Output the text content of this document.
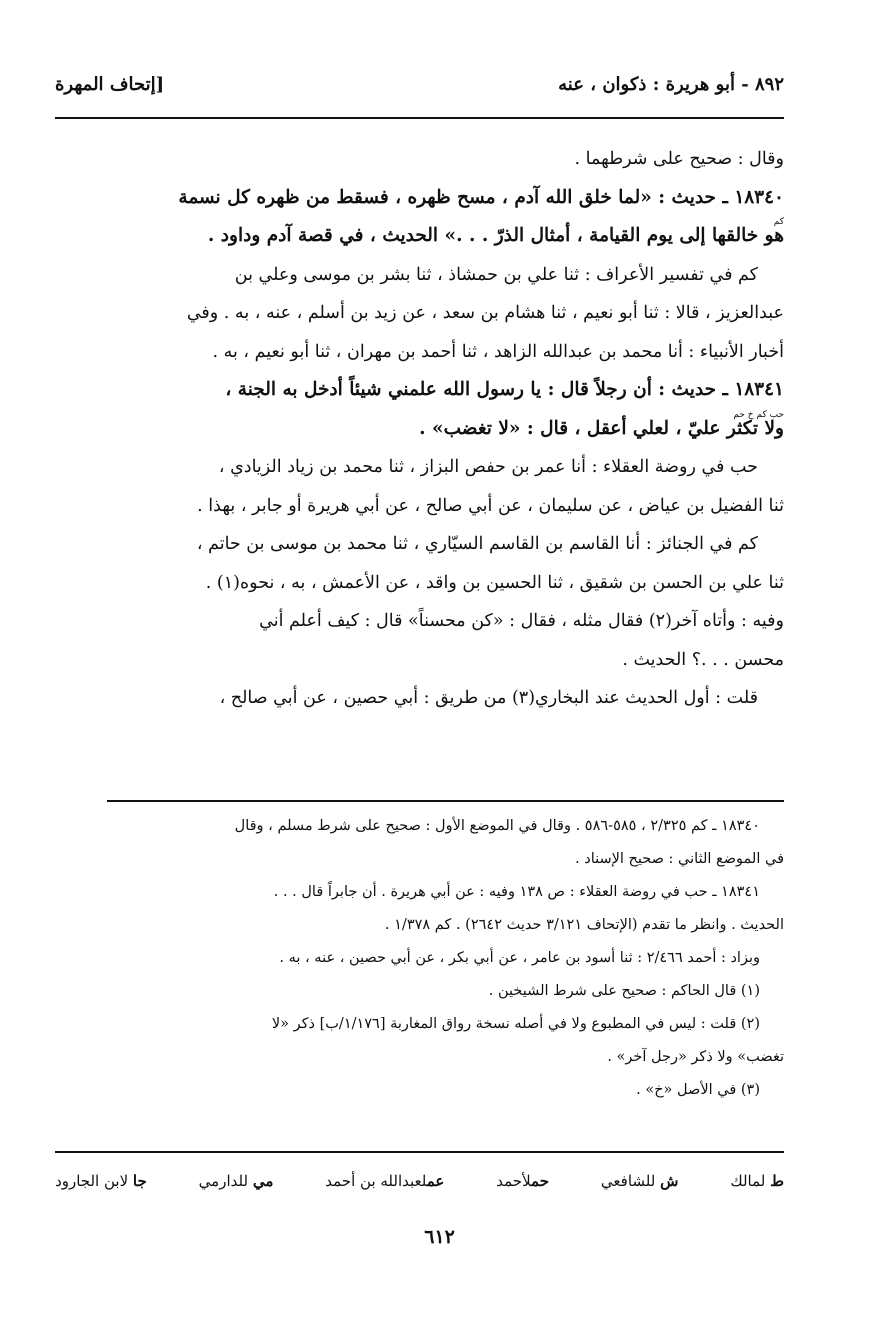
٨٩٢ - أبو هريرة : ذكوان ، عنه
[إتحاف المهرة
وقال : صحيح على شرطهما .
١٨٣٤٠ ـ حديث : «لما خلق الله آدم ، مسح ظهره ، فسقط من ظهره كل نسمة
كم
هو خالقها إلى يوم القيامة ، أمثال الذرّ . . .» الحديث ، في قصة آدم وداود .
كم في تفسير الأعراف : ثنا علي بن حمشاذ ، ثنا بشر بن موسى وعلي بن
عبدالعزيز ، قالا : ثنا أبو نعيم ، ثنا هشام بن سعد ، عن زيد بن أسلم ، عنه ، به . وفي
أخبار الأنبياء : أنا محمد بن عبدالله الزاهد ، ثنا أحمد بن مهران ، ثنا أبو نعيم ، به .
١٨٣٤١ ـ حديث : أن رجلاً قال : يا رسول الله علمني شيئاً أدخل به الجنة ،
حب كم خ حم
ولا تكثر عليّ ، لعلي أعقل ، قال : «لا تغضب» .
حب في روضة العقلاء : أنا عمر بن حفص البزاز ، ثنا محمد بن زياد الزيادي ،
ثنا الفضيل بن عياض ، عن سليمان ، عن أبي صالح ، عن أبي هريرة أو جابر ، بهذا .
كم في الجنائز : أنا القاسم بن القاسم السيّاري ، ثنا محمد بن موسى بن حاتم ،
ثنا علي بن الحسن بن شقيق ، ثنا الحسين بن واقد ، عن الأعمش ، به ، نحوه(١) .
وفيه : وأتاه آخر(٢) فقال مثله ، فقال : «كن محسناً» قال : كيف أعلم أني
محسن . . .؟ الحديث .
قلت : أول الحديث عند البخاري(٣) من طريق : أبي حصين ، عن أبي صالح ،
١٨٣٤٠ ـ كم ٢/٣٢٥ ، ٥٨٥-٥٨٦ . وقال في الموضع الأول : صحيح على شرط مسلم ، وقال
في الموضع الثاني : صحيح الإسناد .
١٨٣٤١ ـ حب في روضة العقلاء : ص ١٣٨ وفيه : عن أبي هريرة . أن جابراً قال . . .
الحديث . وانظر ما تقدم (الإتحاف ٣/١٢١ حديث ٢٦٤٢) . كم ١/٣٧٨ .
وبزاد : أحمد ٢/٤٦٦ : ثنا أسود بن عامر ، عن أبي بكر ، عن أبي حصين ، عنه ، به .
(١) قال الحاكم : صحيح على شرط الشيخين .
(٢) قلت : ليس في المطبوع ولا في أصله نسخة رواق المغاربة [١/١٧٦/ب] ذكر «لا
تغضب» ولا ذكر «رجل آخر» .
(٣) في الأصل «خ» .
ط لمالك
ش للشافعي
حملأحمد
عملعبدالله بن أحمد
مي للدارمي
جا لابن الجارود
٦١٢
